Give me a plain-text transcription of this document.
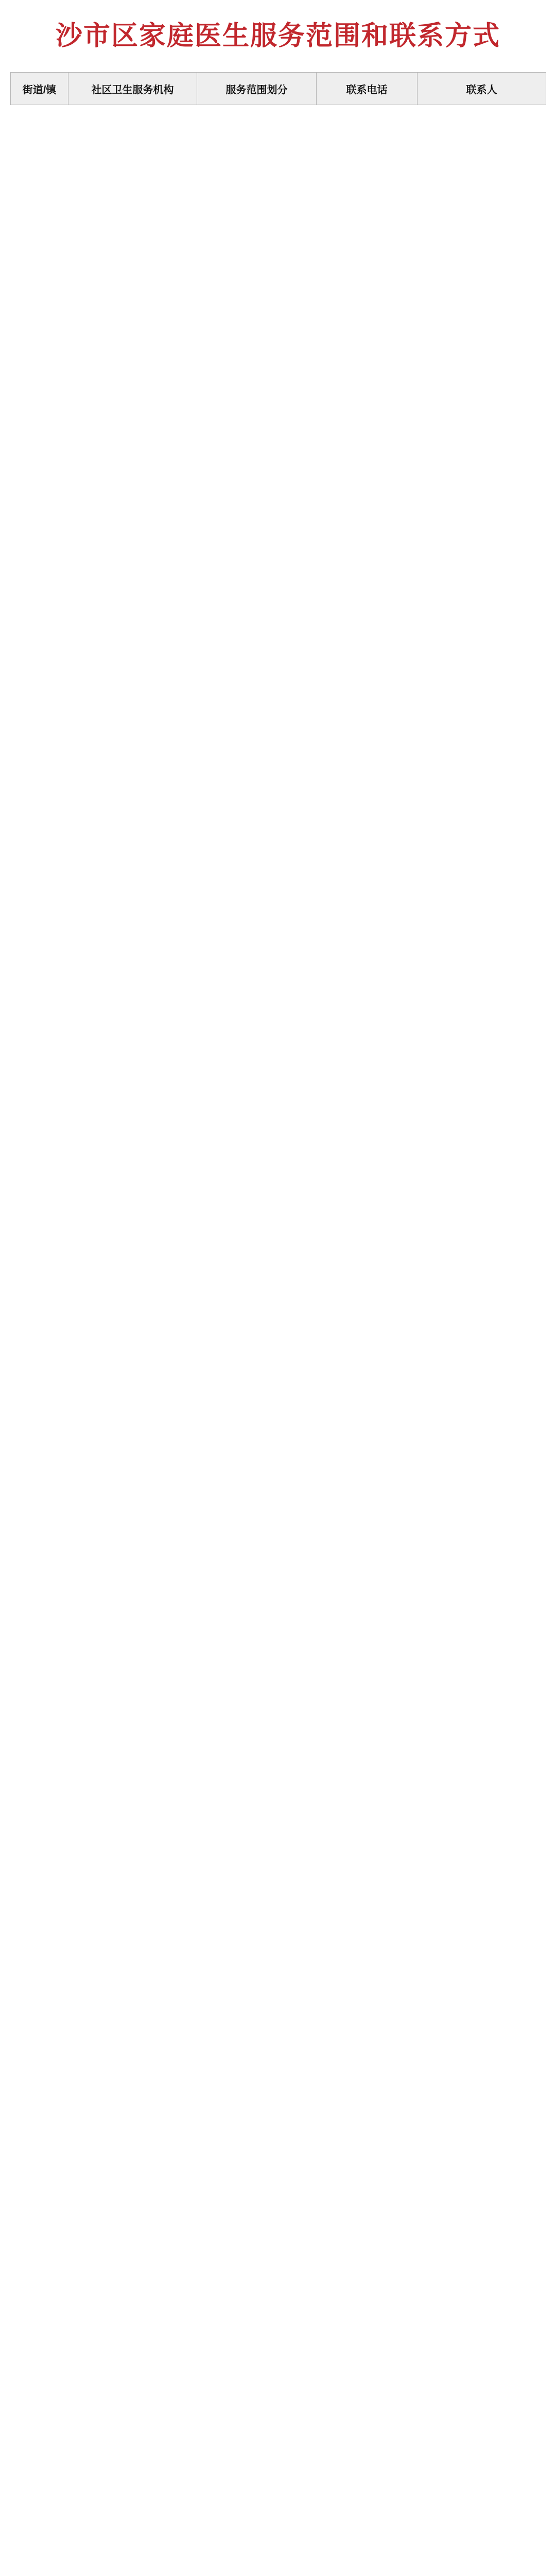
沙市区家庭医生服务范围和联系方式
街道/镇	社区卫生服务机构	服务范围划分	联系电话	联系人
